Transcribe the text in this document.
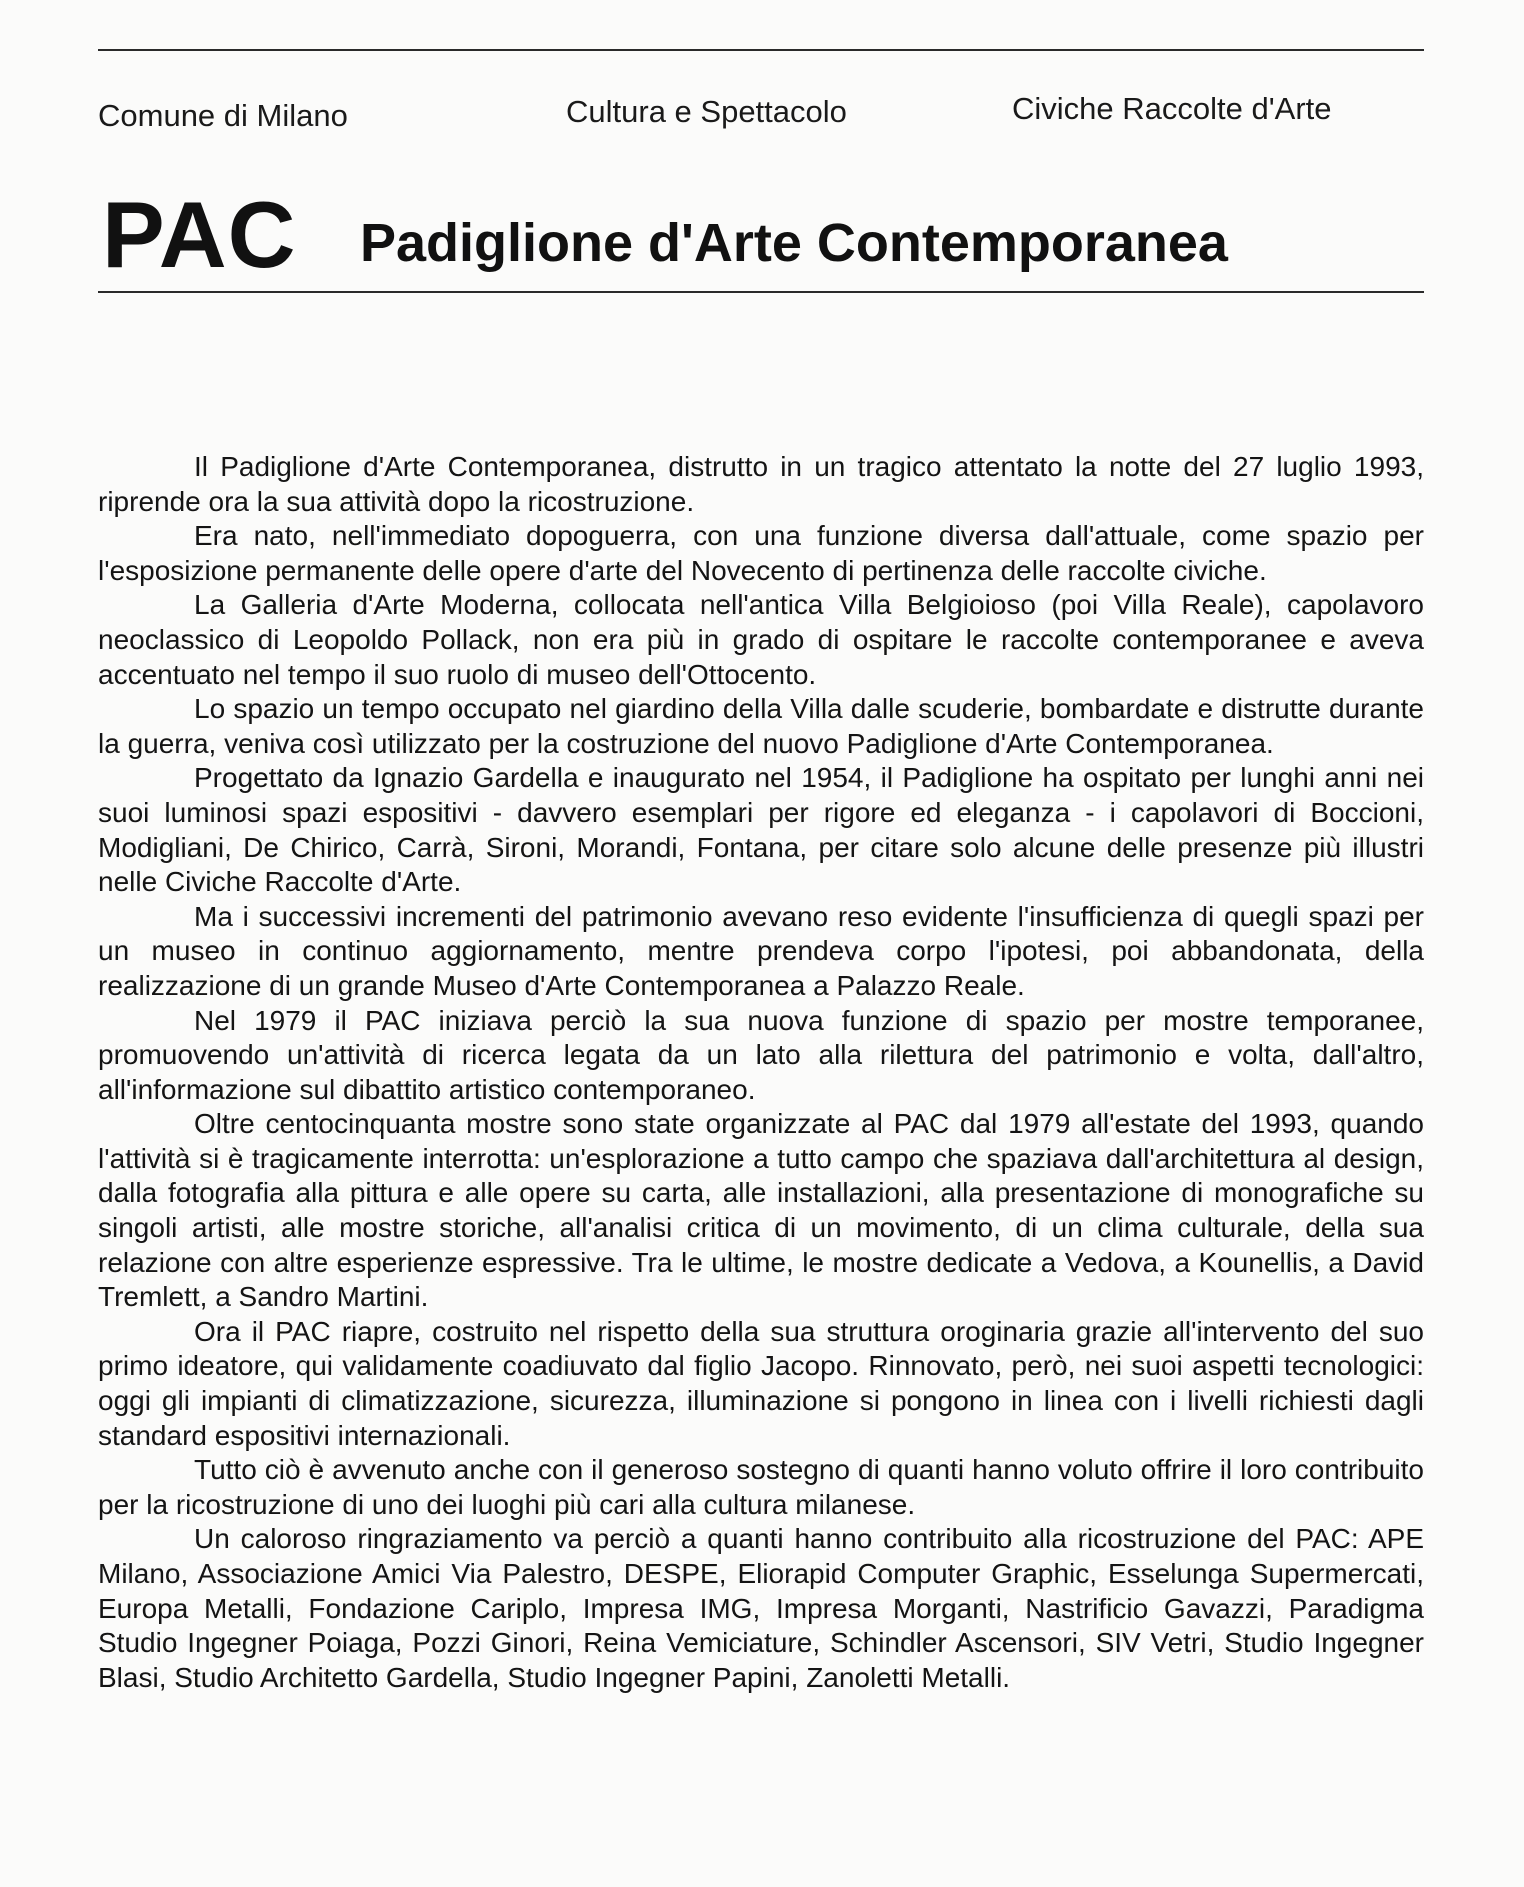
Comune di Milano	Cultura e Spettacolo	Civiche Raccolte d'Arte
PAC Padiglione d'Arte Contemporanea

Il Padiglione d'Arte Contemporanea, distrutto in un tragico attentato la notte del 27 luglio 1993, riprende ora la sua attività dopo la ricostruzione.

Era nato, nell'immediato dopoguerra, con una funzione diversa dall'attuale, come spazio per l'esposizione permanente delle opere d'arte del Novecento di pertinenza delle raccolte civiche.

La Galleria d'Arte Moderna, collocata nell'antica Villa Belgioioso (poi Villa Reale), capolavoro neoclassico di Leopoldo Pollack, non era più in grado di ospitare le raccolte contemporanee e aveva accentuato nel tempo il suo ruolo di museo dell'Ottocento.

Lo spazio un tempo occupato nel giardino della Villa dalle scuderie, bombardate e distrutte durante la guerra, veniva così utilizzato per la costruzione del nuovo Padiglione d'Arte Contemporanea.

Progettato da Ignazio Gardella e inaugurato nel 1954, il Padiglione ha ospitato per lunghi anni nei suoi luminosi spazi espositivi - davvero esemplari per rigore ed eleganza - i capolavori di Boccioni, Modigliani, De Chirico, Carrà, Sironi, Morandi, Fontana, per citare solo alcune delle presenze più illustri nelle Civiche Raccolte d'Arte.

Ma i successivi incrementi del patrimonio avevano reso evidente l'insufficienza di quegli spazi per un museo in continuo aggiornamento, mentre prendeva corpo l'ipotesi, poi abbandonata, della realizzazione di un grande Museo d'Arte Contemporanea a Palazzo Reale.

Nel 1979 il PAC iniziava perciò la sua nuova funzione di spazio per mostre temporanee, promuovendo un'attività di ricerca legata da un lato alla rilettura del patrimonio e volta, dall'altro, all'informazione sul dibattito artistico contemporaneo.

Oltre centocinquanta mostre sono state organizzate al PAC dal 1979 all'estate del 1993, quando l'attività si è tragicamente interrotta: un'esplorazione a tutto campo che spaziava dall'architettura al design, dalla fotografia alla pittura e alle opere su carta, alle installazioni, alla presentazione di monografiche su singoli artisti, alle mostre storiche, all'analisi critica di un movimento, di un clima culturale, della sua relazione con altre esperienze espressive. Tra le ultime, le mostre dedicate a Vedova, a Kounellis, a David Tremlett, a Sandro Martini.

Ora il PAC riapre, costruito nel rispetto della sua struttura oroginaria grazie all'intervento del suo primo ideatore, qui validamente coadiuvato dal figlio Jacopo. Rinnovato, però, nei suoi aspetti tecnologici: oggi gli impianti di climatizzazione, sicurezza, illuminazione si pongono in linea con i livelli richiesti dagli standard espositivi internazionali.

Tutto ciò è avvenuto anche con il generoso sostegno di quanti hanno voluto offrire il loro contribuito per la ricostruzione di uno dei luoghi più cari alla cultura milanese.

Un caloroso ringraziamento va perciò a quanti hanno contribuito alla ricostruzione del PAC: APE Milano, Associazione Amici Via Palestro, DESPE, Eliorapid Computer Graphic, Esselunga Supermercati, Europa Metalli, Fondazione Cariplo, Impresa IMG, Impresa Morganti, Nastrificio Gavazzi, Paradigma Studio Ingegner Poiaga, Pozzi Ginori, Reina Vemiciature, Schindler Ascensori, SIV Vetri, Studio Ingegner Blasi, Studio Architetto Gardella, Studio Ingegner Papini, Zanoletti Metalli.
